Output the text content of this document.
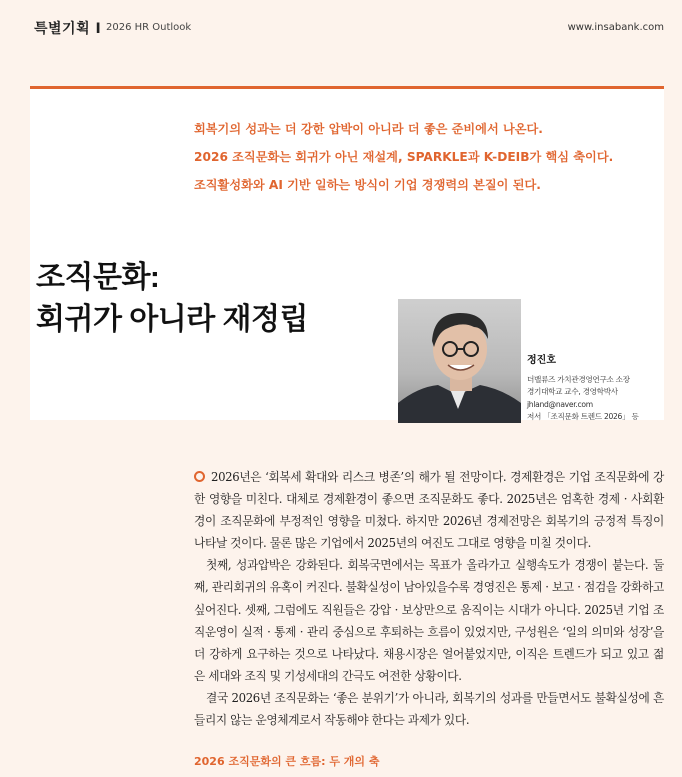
특별기획 Ⅰ 2026 HR Outlook	www.insabank.com
회복기의 성과는 더 강한 압박이 아니라 더 좋은 준비에서 나온다.
2026 조직문화는 회귀가 아닌 재설계, SPARKLE과 K-DEIB가 핵심 축이다.
조직활성화와 AI 기반 일하는 방식이 기업 경쟁력의 본질이 된다.
조직문화:
회귀가 아니라 재정립
정진호
더밸류즈 가치관경영연구소 소장
경기대학교 교수, 경영학박사
jhland@naver.com
저서 「조직문화 트렌드 2026」 등

2026년은 ‘회복세 확대와 리스크 병존’의 해가 될 전망이다. 경제환경은 기업 조직문화에 강한 영향을 미친다. 대체로 경제환경이 좋으면 조직문화도 좋다. 2025년은 엄혹한 경제 · 사회환경이 조직문화에 부정적인 영향을 미쳤다. 하지만 2026년 경제전망은 회복기의 긍정적 특징이 나타날 것이다. 물론 많은 기업에서 2025년의 여진도 그대로 영향을 미칠 것이다.

첫째, 성과압박은 강화된다. 회복국면에서는 목표가 올라가고 실행속도가 경쟁이 붙는다. 둘째, 관리회귀의 유혹이 커진다. 불확실성이 남아있을수록 경영진은 통제 · 보고 · 점검을 강화하고 싶어진다. 셋째, 그럼에도 직원들은 강압 · 보상만으로 움직이는 시대가 아니다. 2025년 기업 조직운영이 실적 · 통제 · 관리 중심으로 후퇴하는 흐름이 있었지만, 구성원은 ‘일의 의미와 성장’을 더 강하게 요구하는 것으로 나타났다. 채용시장은 얼어붙었지만, 이직은 트렌드가 되고 있고 젊은 세대와 조직 및 기성세대의 간극도 여전한 상황이다.

결국 2026년 조직문화는 ‘좋은 분위기’가 아니라, 회복기의 성과를 만들면서도 불확실성에 흔들리지 않는 운영체계로서 작동해야 한다는 과제가 있다.

2026 조직문화의 큰 흐름: 두 개의 축
